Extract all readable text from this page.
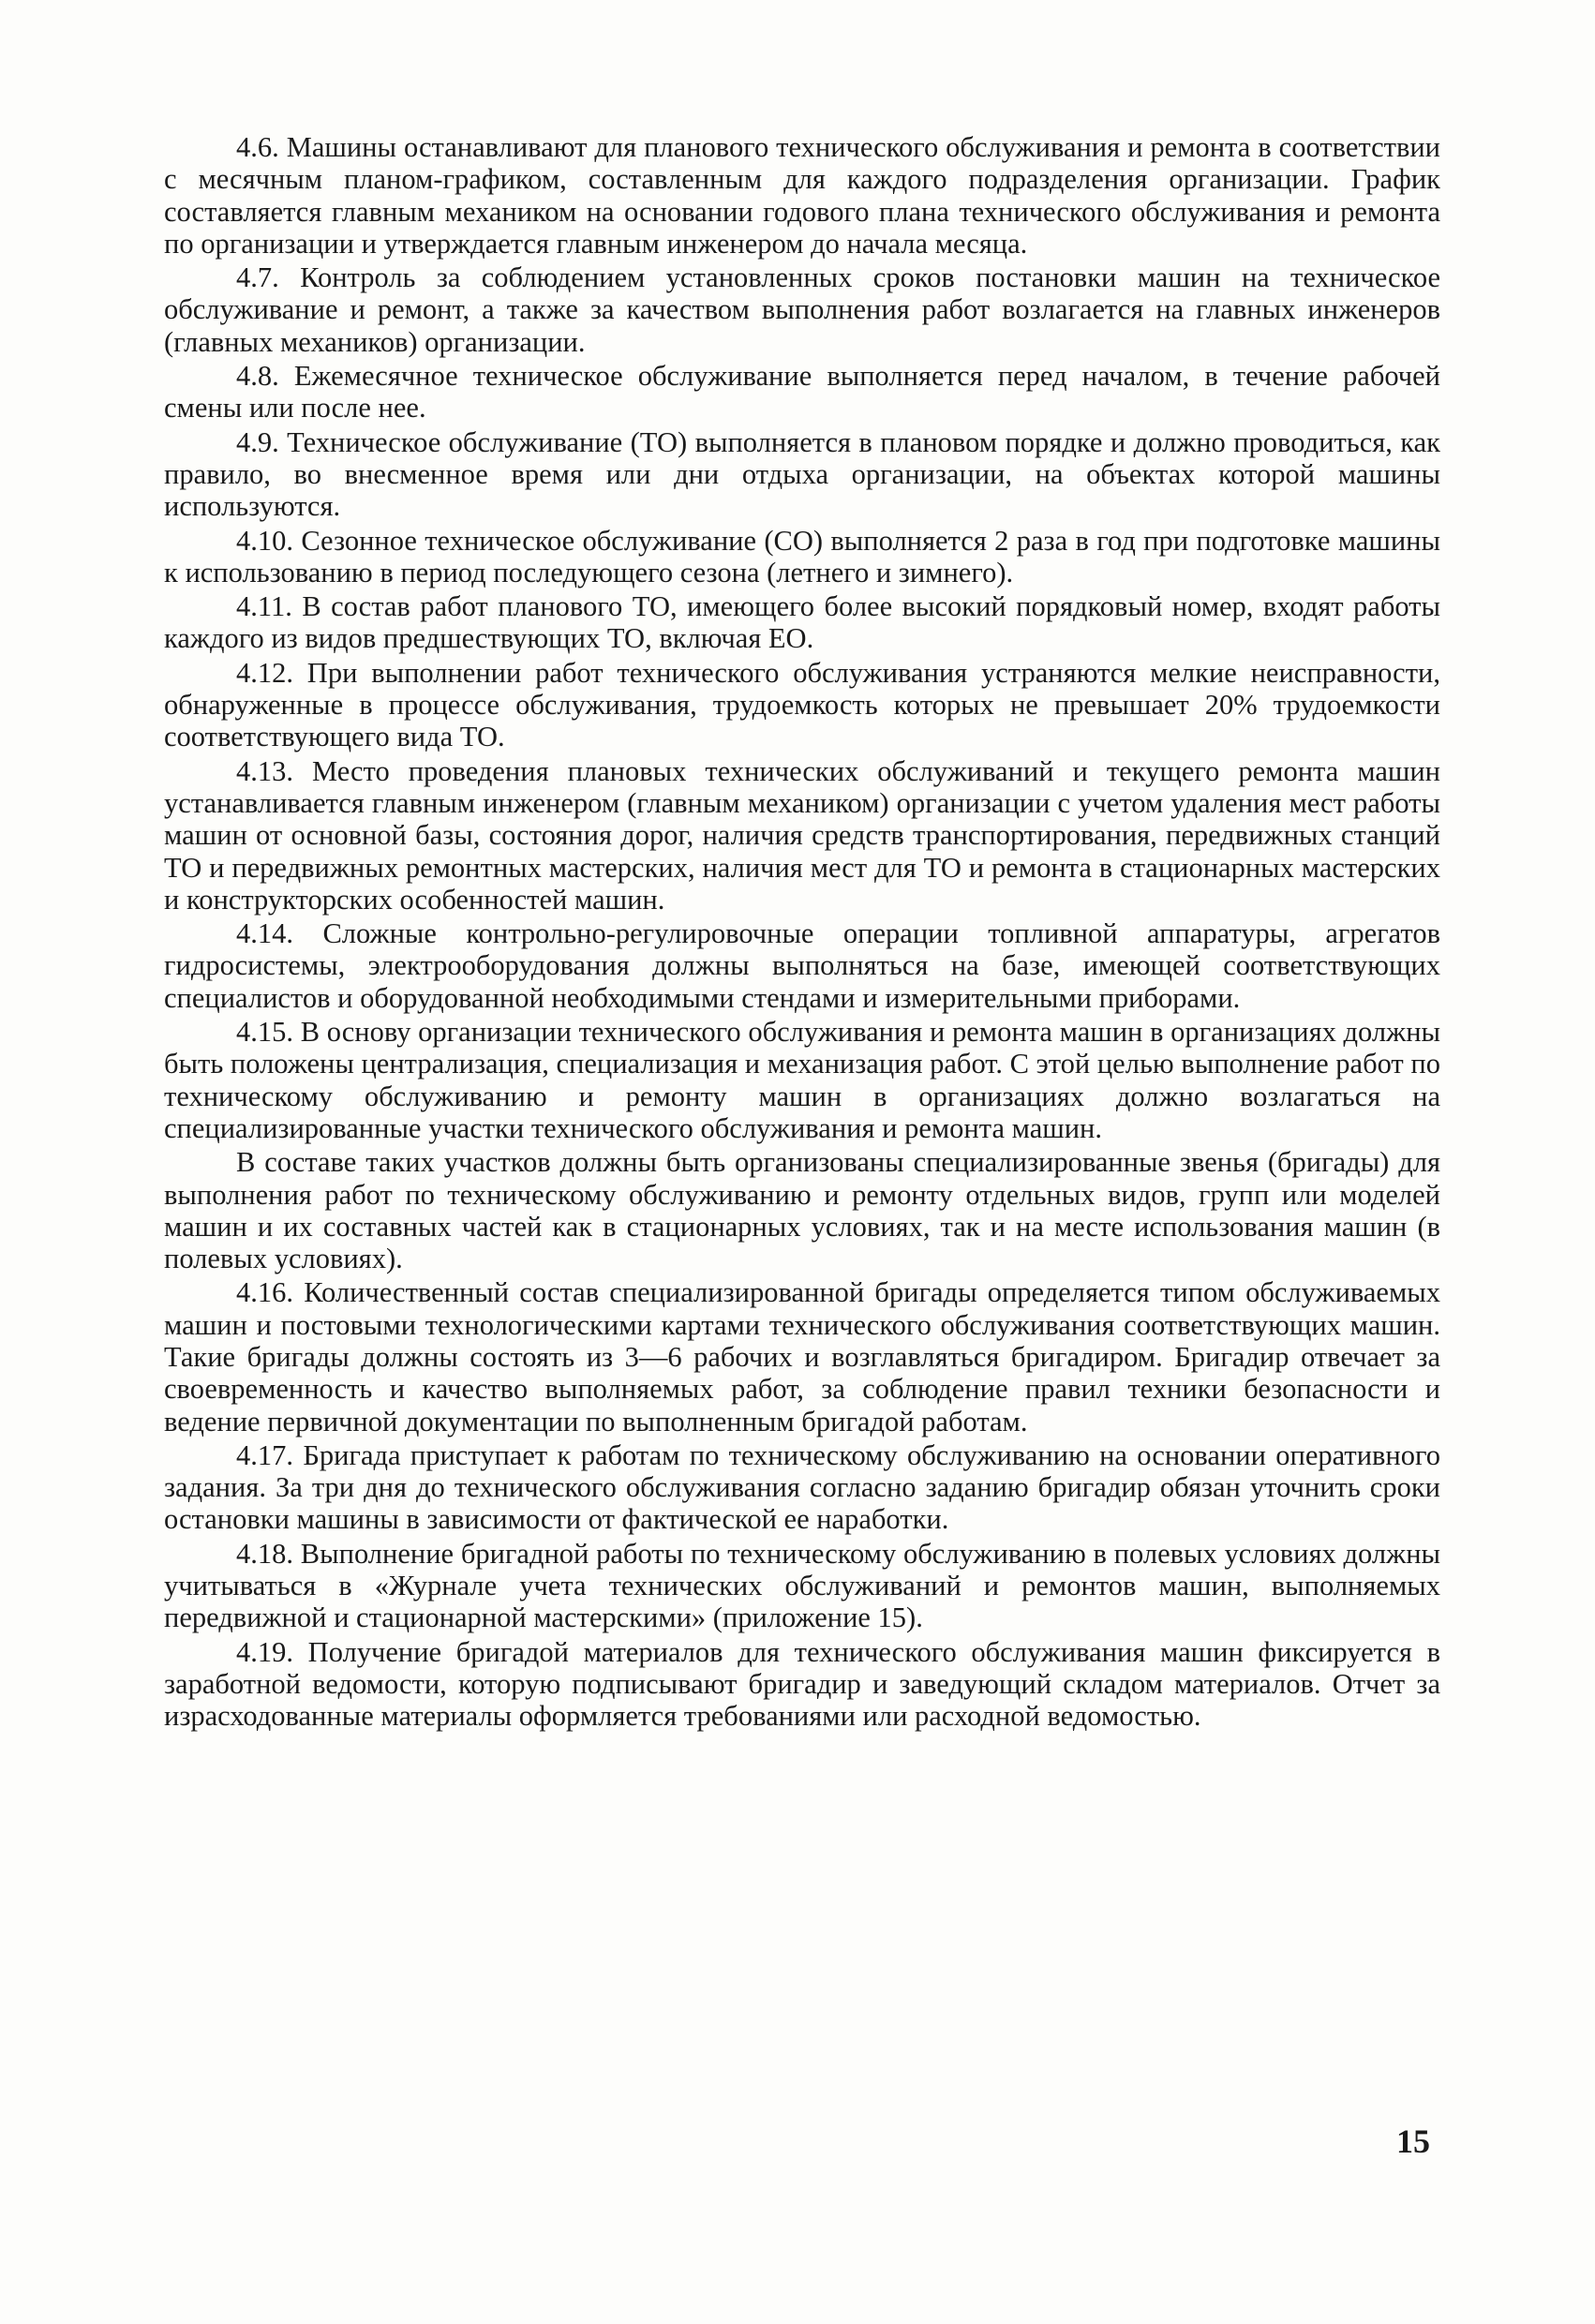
4.6. Машины останавливают для планового технического обслуживания и ремонта в соответствии с месячным планом-графиком, составленным для каждого подразделения организации. График составляется главным механиком на основании годового плана технического обслуживания и ремонта по организации и утверждается главным инженером до начала месяца.

4.7. Контроль за соблюдением установленных сроков постановки машин на техническое обслуживание и ремонт, а также за качеством выполнения работ возлагается на главных инженеров (главных механиков) организации.

4.8. Ежемесячное техническое обслуживание выполняется перед началом, в течение рабочей смены или после нее.

4.9. Техническое обслуживание (ТО) выполняется в плановом порядке и должно проводиться, как правило, во внесменное время или дни отдыха организации, на объектах которой машины используются.

4.10. Сезонное техническое обслуживание (СО) выполняется 2 раза в год при подготовке машины к использованию в период последующего сезона (летнего и зимнего).

4.11. В состав работ планового ТО, имеющего более высокий порядковый номер, входят работы каждого из видов предшествующих ТО, включая ЕО.

4.12. При выполнении работ технического обслуживания устраняются мелкие неисправности, обнаруженные в процессе обслуживания, трудоемкость которых не превышает 20% трудоемкости соответствующего вида ТО.

4.13. Место проведения плановых технических обслуживаний и текущего ремонта машин устанавливается главным инженером (главным механиком) организации с учетом удаления мест работы машин от основной базы, состояния дорог, наличия средств транспортирования, передвижных станций ТО и передвижных ремонтных мастерских, наличия мест для ТО и ремонта в стационарных мастерских и конструкторских особенностей машин.

4.14. Сложные контрольно-регулировочные операции топливной аппаратуры, агрегатов гидросистемы, электрооборудования должны выполняться на базе, имеющей соответствующих специалистов и оборудованной необходимыми стендами и измерительными приборами.

4.15. В основу организации технического обслуживания и ремонта машин в организациях должны быть положены централизация, специализация и механизация работ. С этой целью выполнение работ по техническому обслуживанию и ремонту машин в организациях должно возлагаться на специализированные участки технического обслуживания и ремонта машин.

В составе таких участков должны быть организованы специализированные звенья (бригады) для выполнения работ по техническому обслуживанию и ремонту отдельных видов, групп или моделей машин и их составных частей как в стационарных условиях, так и на месте использования машин (в полевых условиях).

4.16. Количественный состав специализированной бригады определяется типом обслуживаемых машин и постовыми технологическими картами технического обслуживания соответствующих машин. Такие бригады должны состоять из 3—6 рабочих и возглавляться бригадиром. Бригадир отвечает за своевременность и качество выполняемых работ, за соблюдение правил техники безопасности и ведение первичной документации по выполненным бригадой работам.

4.17. Бригада приступает к работам по техническому обслуживанию на основании оперативного задания. За три дня до технического обслуживания согласно заданию бригадир обязан уточнить сроки остановки машины в зависимости от фактической ее наработки.

4.18. Выполнение бригадной работы по техническому обслуживанию в полевых условиях должны учитываться в «Журнале учета технических обслуживаний и ремонтов машин, выполняемых передвижной и стационарной мастерскими» (приложение 15).

4.19. Получение бригадой материалов для технического обслуживания машин фиксируется в заработной ведомости, которую подписывают бригадир и заведующий складом материалов. Отчет за израсходованные материалы оформляется требованиями или расходной ведомостью.

15
